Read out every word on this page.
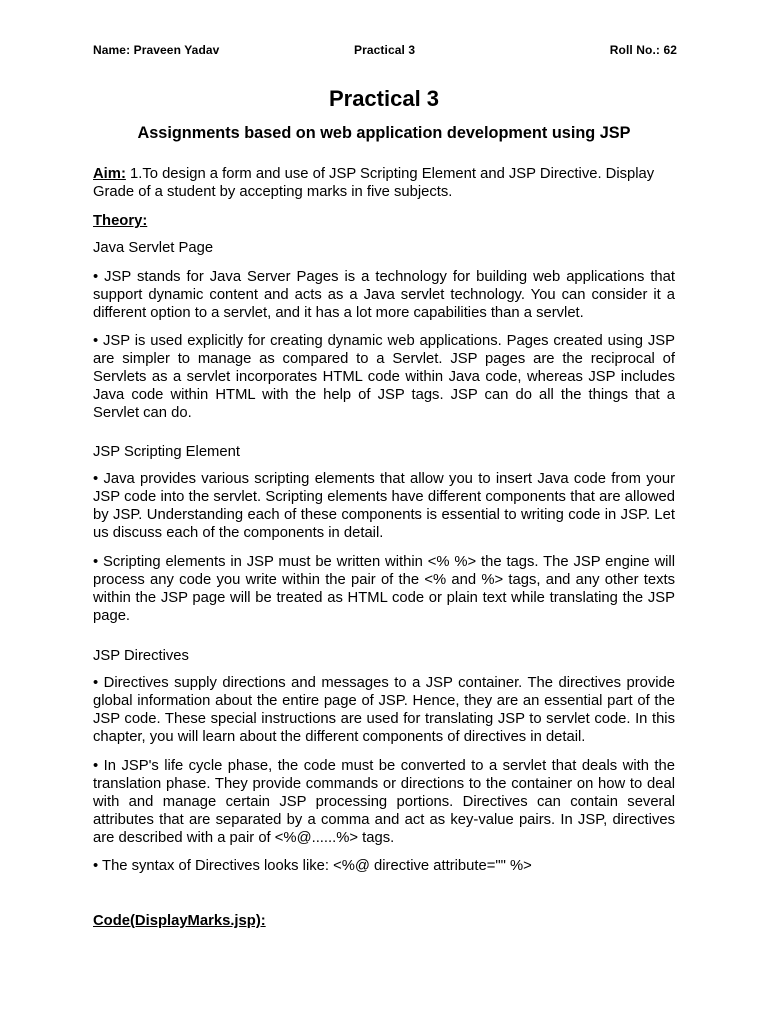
Name: Praveen Yadav	Practical 3	Roll No.: 62
Practical 3
Assignments based on web application development using JSP
Aim: 1.To design a form and use of JSP Scripting Element and JSP Directive. Display Grade of a student by accepting marks in five subjects.
Theory:
Java Servlet Page
• JSP stands for Java Server Pages is a technology for building web applications that support dynamic content and acts as a Java servlet technology. You can consider it a different option to a servlet, and it has a lot more capabilities than a servlet.
• JSP is used explicitly for creating dynamic web applications. Pages created using JSP are simpler to manage as compared to a Servlet. JSP pages are the reciprocal of Servlets as a servlet incorporates HTML code within Java code, whereas JSP includes Java code within HTML with the help of JSP tags. JSP can do all the things that a Servlet can do.
JSP Scripting Element
• Java provides various scripting elements that allow you to insert Java code from your JSP code into the servlet. Scripting elements have different components that are allowed by JSP. Understanding each of these components is essential to writing code in JSP. Let us discuss each of the components in detail.
• Scripting elements in JSP must be written within <% %> the tags. The JSP engine will process any code you write within the pair of the <% and %> tags, and any other texts within the JSP page will be treated as HTML code or plain text while translating the JSP page.
JSP Directives
• Directives supply directions and messages to a JSP container. The directives provide global information about the entire page of JSP. Hence, they are an essential part of the JSP code. These special instructions are used for translating JSP to servlet code. In this chapter, you will learn about the different components of directives in detail.
• In JSP's life cycle phase, the code must be converted to a servlet that deals with the translation phase. They provide commands or directions to the container on how to deal with and manage certain JSP processing portions. Directives can contain several attributes that are separated by a comma and act as key-value pairs. In JSP, directives are described with a pair of <%@......%> tags.
• The syntax of Directives looks like: <%@ directive attribute="" %>
Code(DisplayMarks.jsp):
